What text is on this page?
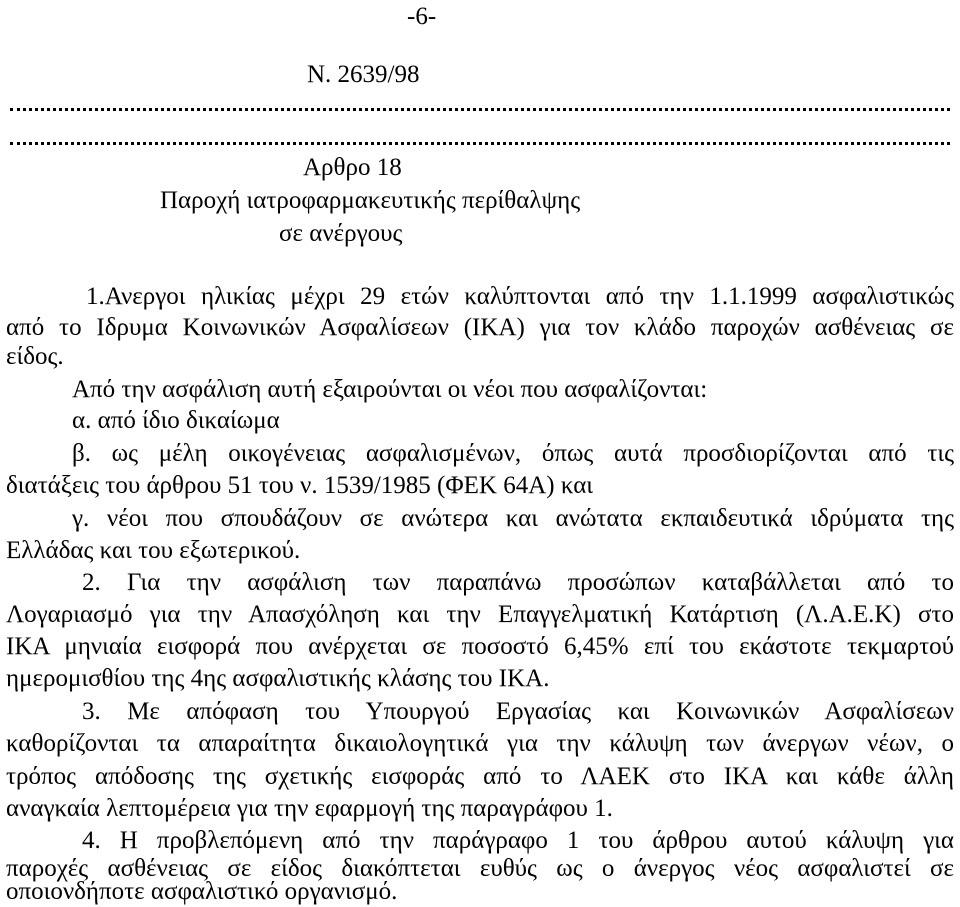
-6-
Ν. 2639/98
Αρθρο 18
Παροχή ιατροφαρμακευτικής περίθαλψης
σε ανέργους
1.Ανεργοι ηλικίας μέχρι 29 ετών καλύπτονται από την 1.1.1999 ασφαλιστικώς
από το Ιδρυμα Κοινωνικών Ασφαλίσεων (ΙΚΑ) για τον κλάδο παροχών ασθένειας σε
είδος.
Από την ασφάλιση αυτή εξαιρούνται οι νέοι που ασφαλίζονται:
α. από ίδιο δικαίωμα
β. ως μέλη οικογένειας ασφαλισμένων, όπως αυτά προσδιορίζονται από τις
διατάξεις του άρθρου 51 του ν. 1539/1985 (ΦΕΚ 64Α) και
γ. νέοι που σπουδάζουν σε ανώτερα και ανώτατα εκπαιδευτικά ιδρύματα της
Ελλάδας και του εξωτερικού.
2. Για την ασφάλιση των παραπάνω προσώπων καταβάλλεται από το
Λογαριασμό για την Απασχόληση και την Επαγγελματική Κατάρτιση (Λ.Α.Ε.Κ) στο
ΙΚΑ μηνιαία εισφορά που ανέρχεται σε ποσοστό 6,45% επί του εκάστοτε τεκμαρτού
ημερομισθίου της 4ης ασφαλιστικής κλάσης του ΙΚΑ.
3. Με απόφαση του Υπουργού Εργασίας και Κοινωνικών Ασφαλίσεων
καθορίζονται τα απαραίτητα δικαιολογητικά για την κάλυψη των άνεργων νέων, ο
τρόπος απόδοσης της σχετικής εισφοράς από το ΛΑΕΚ στο ΙΚΑ και κάθε άλλη
αναγκαία λεπτομέρεια για την εφαρμογή της παραγράφου 1.
4. Η προβλεπόμενη από την παράγραφο 1 του άρθρου αυτού κάλυψη για
παροχές ασθένειας σε είδος διακόπτεται ευθύς ως ο άνεργος νέος ασφαλιστεί σε
οποιονδήποτε ασφαλιστικό οργανισμό.
